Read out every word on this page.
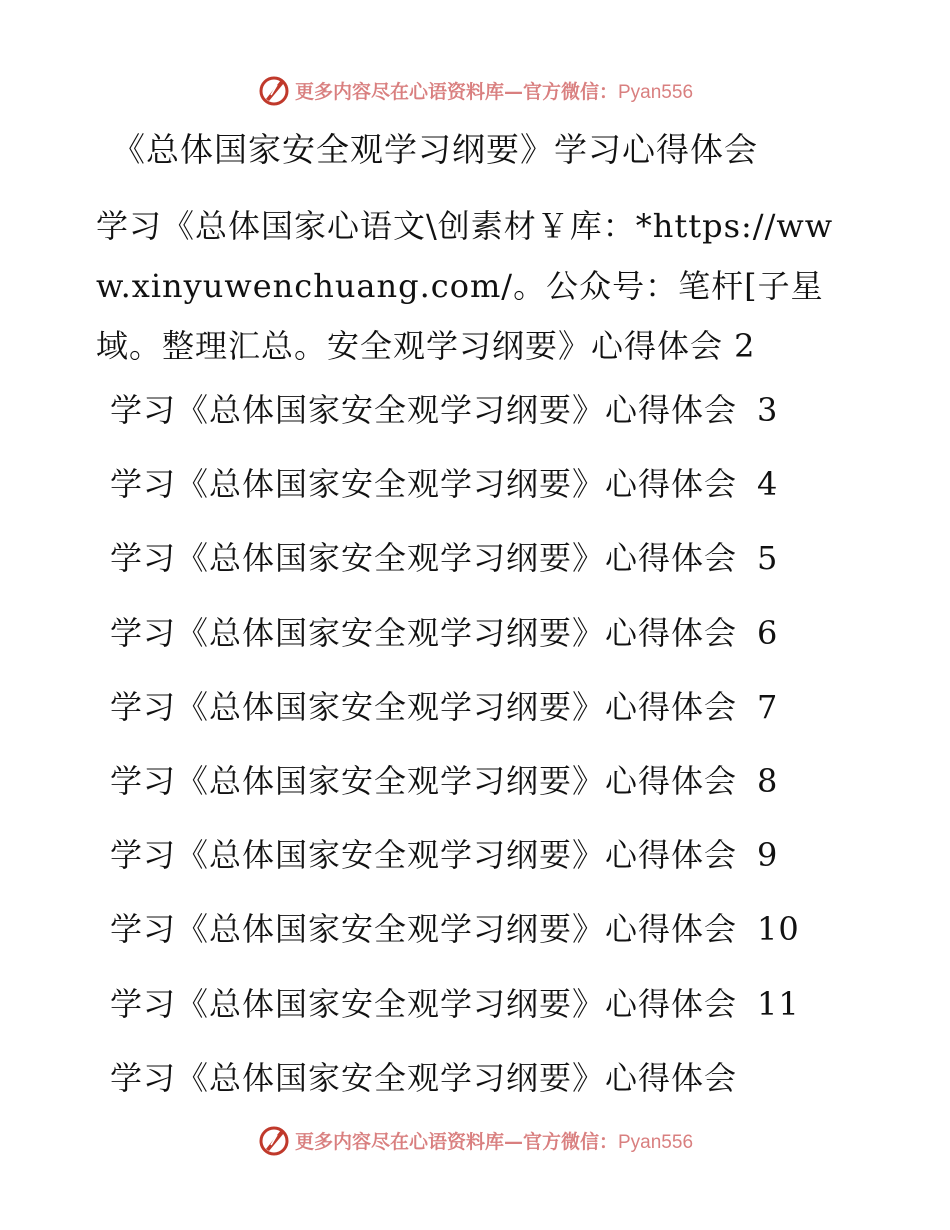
更多内容尽在心语资料库—官方微信：Pyan556
《总体国家安全观学习纲要》学习心得体会
学习《总体国家心语文\创素材￥库：*https://www.xinyuwenchuang.com/。公众号：笔杆[子星域。整理汇总。安全观学习纲要》心得体会 2
学习《总体国家安全观学习纲要》心得体会 3
学习《总体国家安全观学习纲要》心得体会 4
学习《总体国家安全观学习纲要》心得体会 5
学习《总体国家安全观学习纲要》心得体会 6
学习《总体国家安全观学习纲要》心得体会 7
学习《总体国家安全观学习纲要》心得体会 8
学习《总体国家安全观学习纲要》心得体会 9
学习《总体国家安全观学习纲要》心得体会 10
学习《总体国家安全观学习纲要》心得体会 11
学习《总体国家安全观学习纲要》心得体会
更多内容尽在心语资料库—官方微信：Pyan556
